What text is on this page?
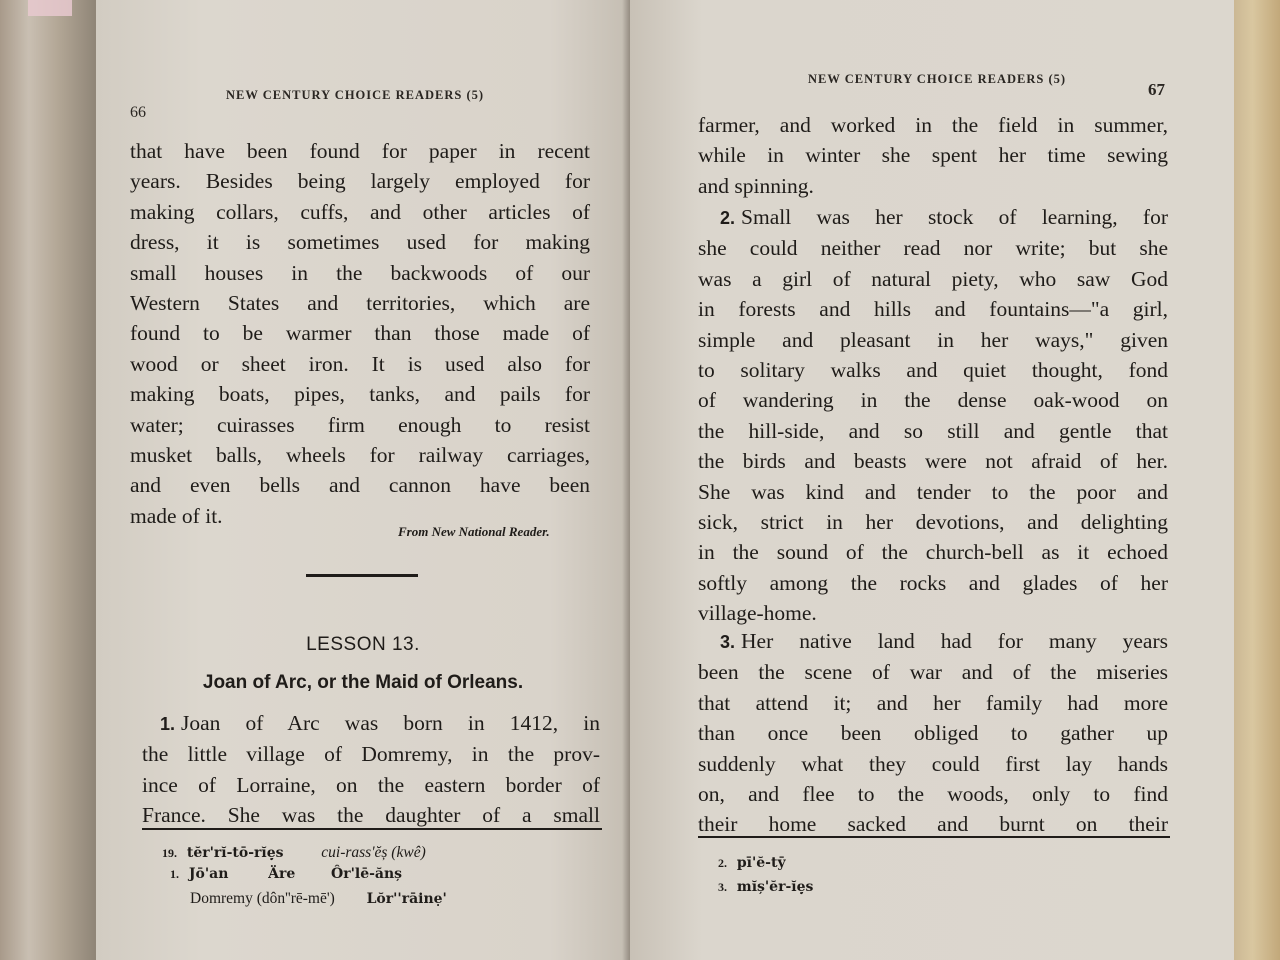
66
NEW CENTURY CHOICE READERS (5)
that have been found for paper in recent
years. Besides being largely employed for
making collars, cuffs, and other articles of
dress, it is sometimes used for making
small houses in the backwoods of our
Western States and territories, which are
found to be warmer than those made of
wood or sheet iron. It is used also for
making boats, pipes, tanks, and pails for
water; cuirasses firm enough to resist
musket balls, wheels for railway carriages,
and even bells and cannon have been
made of it.
From New National Reader.
LESSON 13.
Joan of Arc, or the Maid of Orleans.
1. Joan of Arc was born in 1412, in
the little village of Domremy, in the prov-
ince of Lorraine, on the eastern border of
France. She was the daughter of a small
19. tĕr'rĭ-tō-rĭẹ̦s cui-rass'ĕș (kwê)
1. Jō'an	Äre	Ôr'lē-ănș
Domremy (dôn''rē-mē') Lŏr''rāinẹ'
NEW CENTURY CHOICE READERS (5)
67
farmer, and worked in the field in summer,
while in winter she spent her time sewing
and spinning.
2. Small was her stock of learning, for
she could neither read nor write; but she
was a girl of natural piety, who saw God
in forests and hills and fountains—"a girl,
simple and pleasant in her ways," given
to solitary walks and quiet thought, fond
of wandering in the dense oak-wood on
the hill-side, and so still and gentle that
the birds and beasts were not afraid of her.
She was kind and tender to the poor and
sick, strict in her devotions, and delighting
in the sound of the church-bell as it echoed
softly among the rocks and glades of her
village-home.
3. Her native land had for many years
been the scene of war and of the miseries
that attend it; and her family had more
than once been obliged to gather up
suddenly what they could first lay hands
on, and flee to the woods, only to find
their home sacked and burnt on their
2. pī'ĕ-tȳ
3. mĭș'ĕr-ĭẹ̦s
